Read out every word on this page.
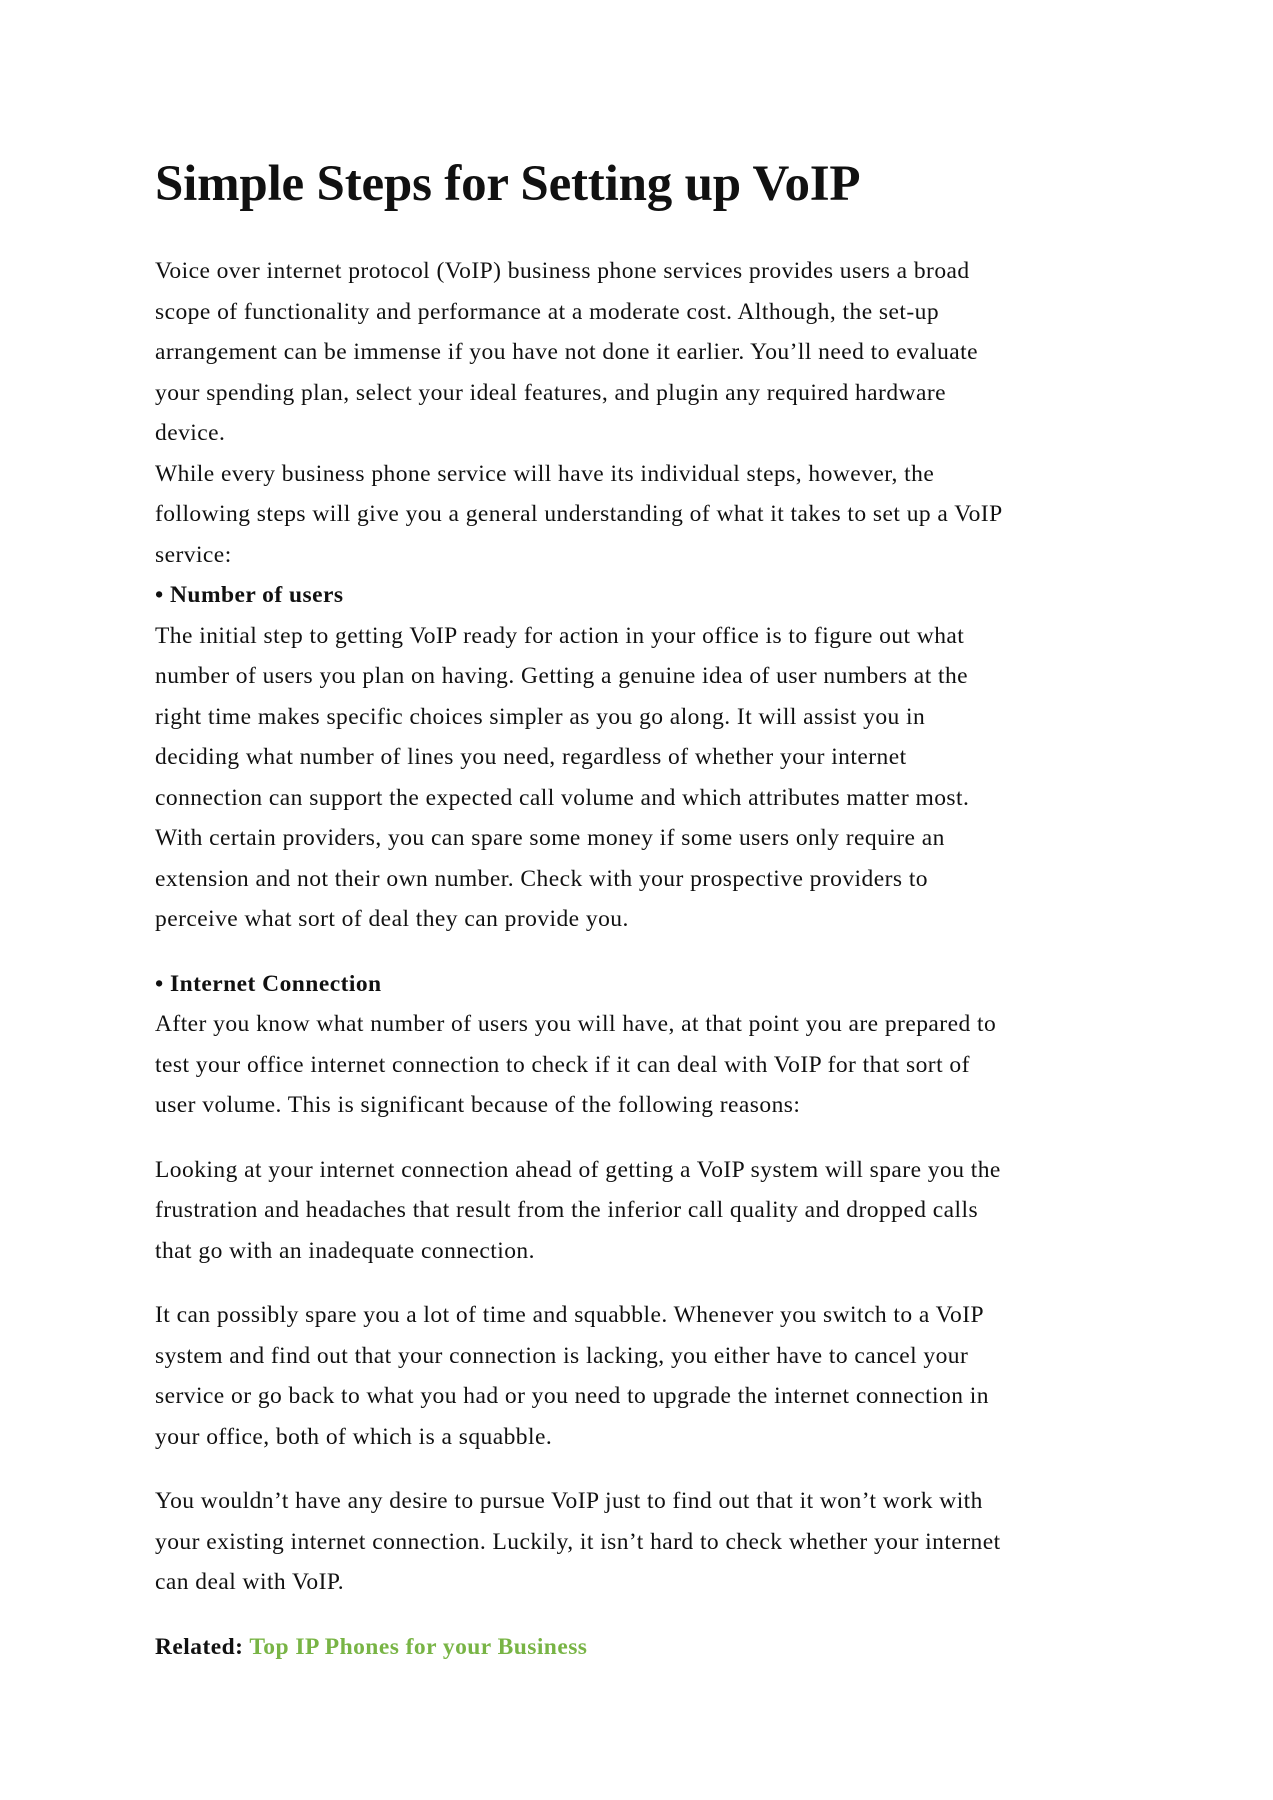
Simple Steps for Setting up VoIP
Voice over internet protocol (VoIP) business phone services provides users a broad
scope of functionality and performance at a moderate cost. Although, the set-up
arrangement can be immense if you have not done it earlier. You’ll need to evaluate
your spending plan, select your ideal features, and plugin any required hardware
device.
While every business phone service will have its individual steps, however, the
following steps will give you a general understanding of what it takes to set up a VoIP
service:
• Number of users
The initial step to getting VoIP ready for action in your office is to figure out what
number of users you plan on having. Getting a genuine idea of user numbers at the
right time makes specific choices simpler as you go along. It will assist you in
deciding what number of lines you need, regardless of whether your internet
connection can support the expected call volume and which attributes matter most.
With certain providers, you can spare some money if some users only require an
extension and not their own number. Check with your prospective providers to
perceive what sort of deal they can provide you.
• Internet Connection
After you know what number of users you will have, at that point you are prepared to
test your office internet connection to check if it can deal with VoIP for that sort of
user volume. This is significant because of the following reasons:
Looking at your internet connection ahead of getting a VoIP system will spare you the
frustration and headaches that result from the inferior call quality and dropped calls
that go with an inadequate connection.
It can possibly spare you a lot of time and squabble. Whenever you switch to a VoIP
system and find out that your connection is lacking, you either have to cancel your
service or go back to what you had or you need to upgrade the internet connection in
your office, both of which is a squabble.
You wouldn’t have any desire to pursue VoIP just to find out that it won’t work with
your existing internet connection. Luckily, it isn’t hard to check whether your internet
can deal with VoIP.
Related: Top IP Phones for your Business
